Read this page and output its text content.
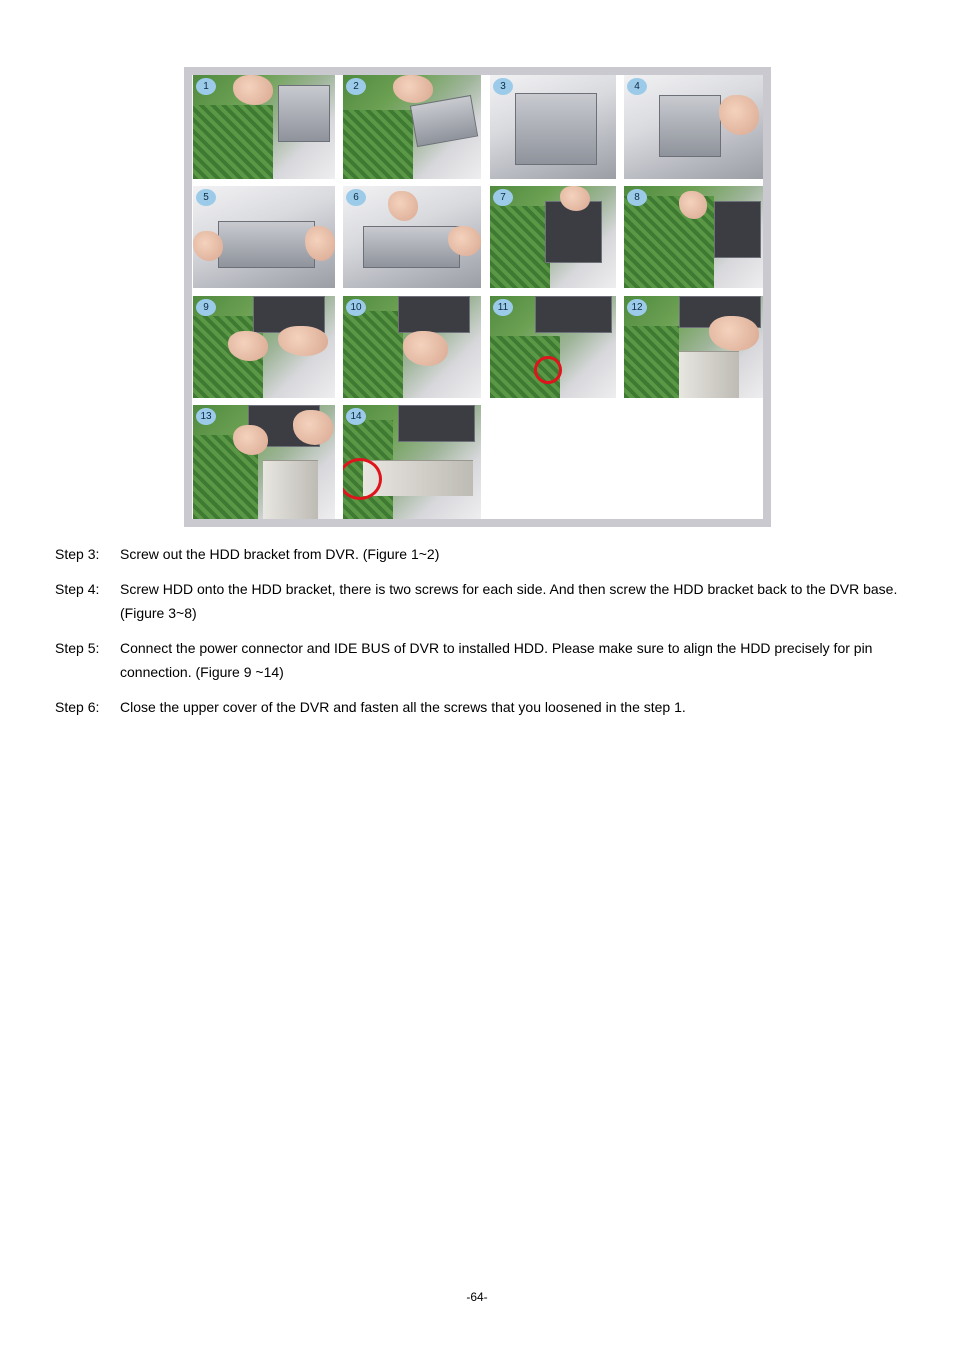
1	2	3	4
5	6	7	8
9	10	11	12
13	14
Step 3:	Screw out the HDD bracket from DVR. (Figure 1~2)
Step 4:	Screw HDD onto the HDD bracket, there is two screws for each side. And then screw the HDD bracket back to the DVR base. (Figure 3~8)
Step 5:	Connect the power connector and IDE BUS of DVR to installed HDD. Please make sure to align the HDD precisely for pin connection. (Figure 9 ~14)
Step 6:	Close the upper cover of the DVR and fasten all the screws that you loosened in the step 1.
-64-
